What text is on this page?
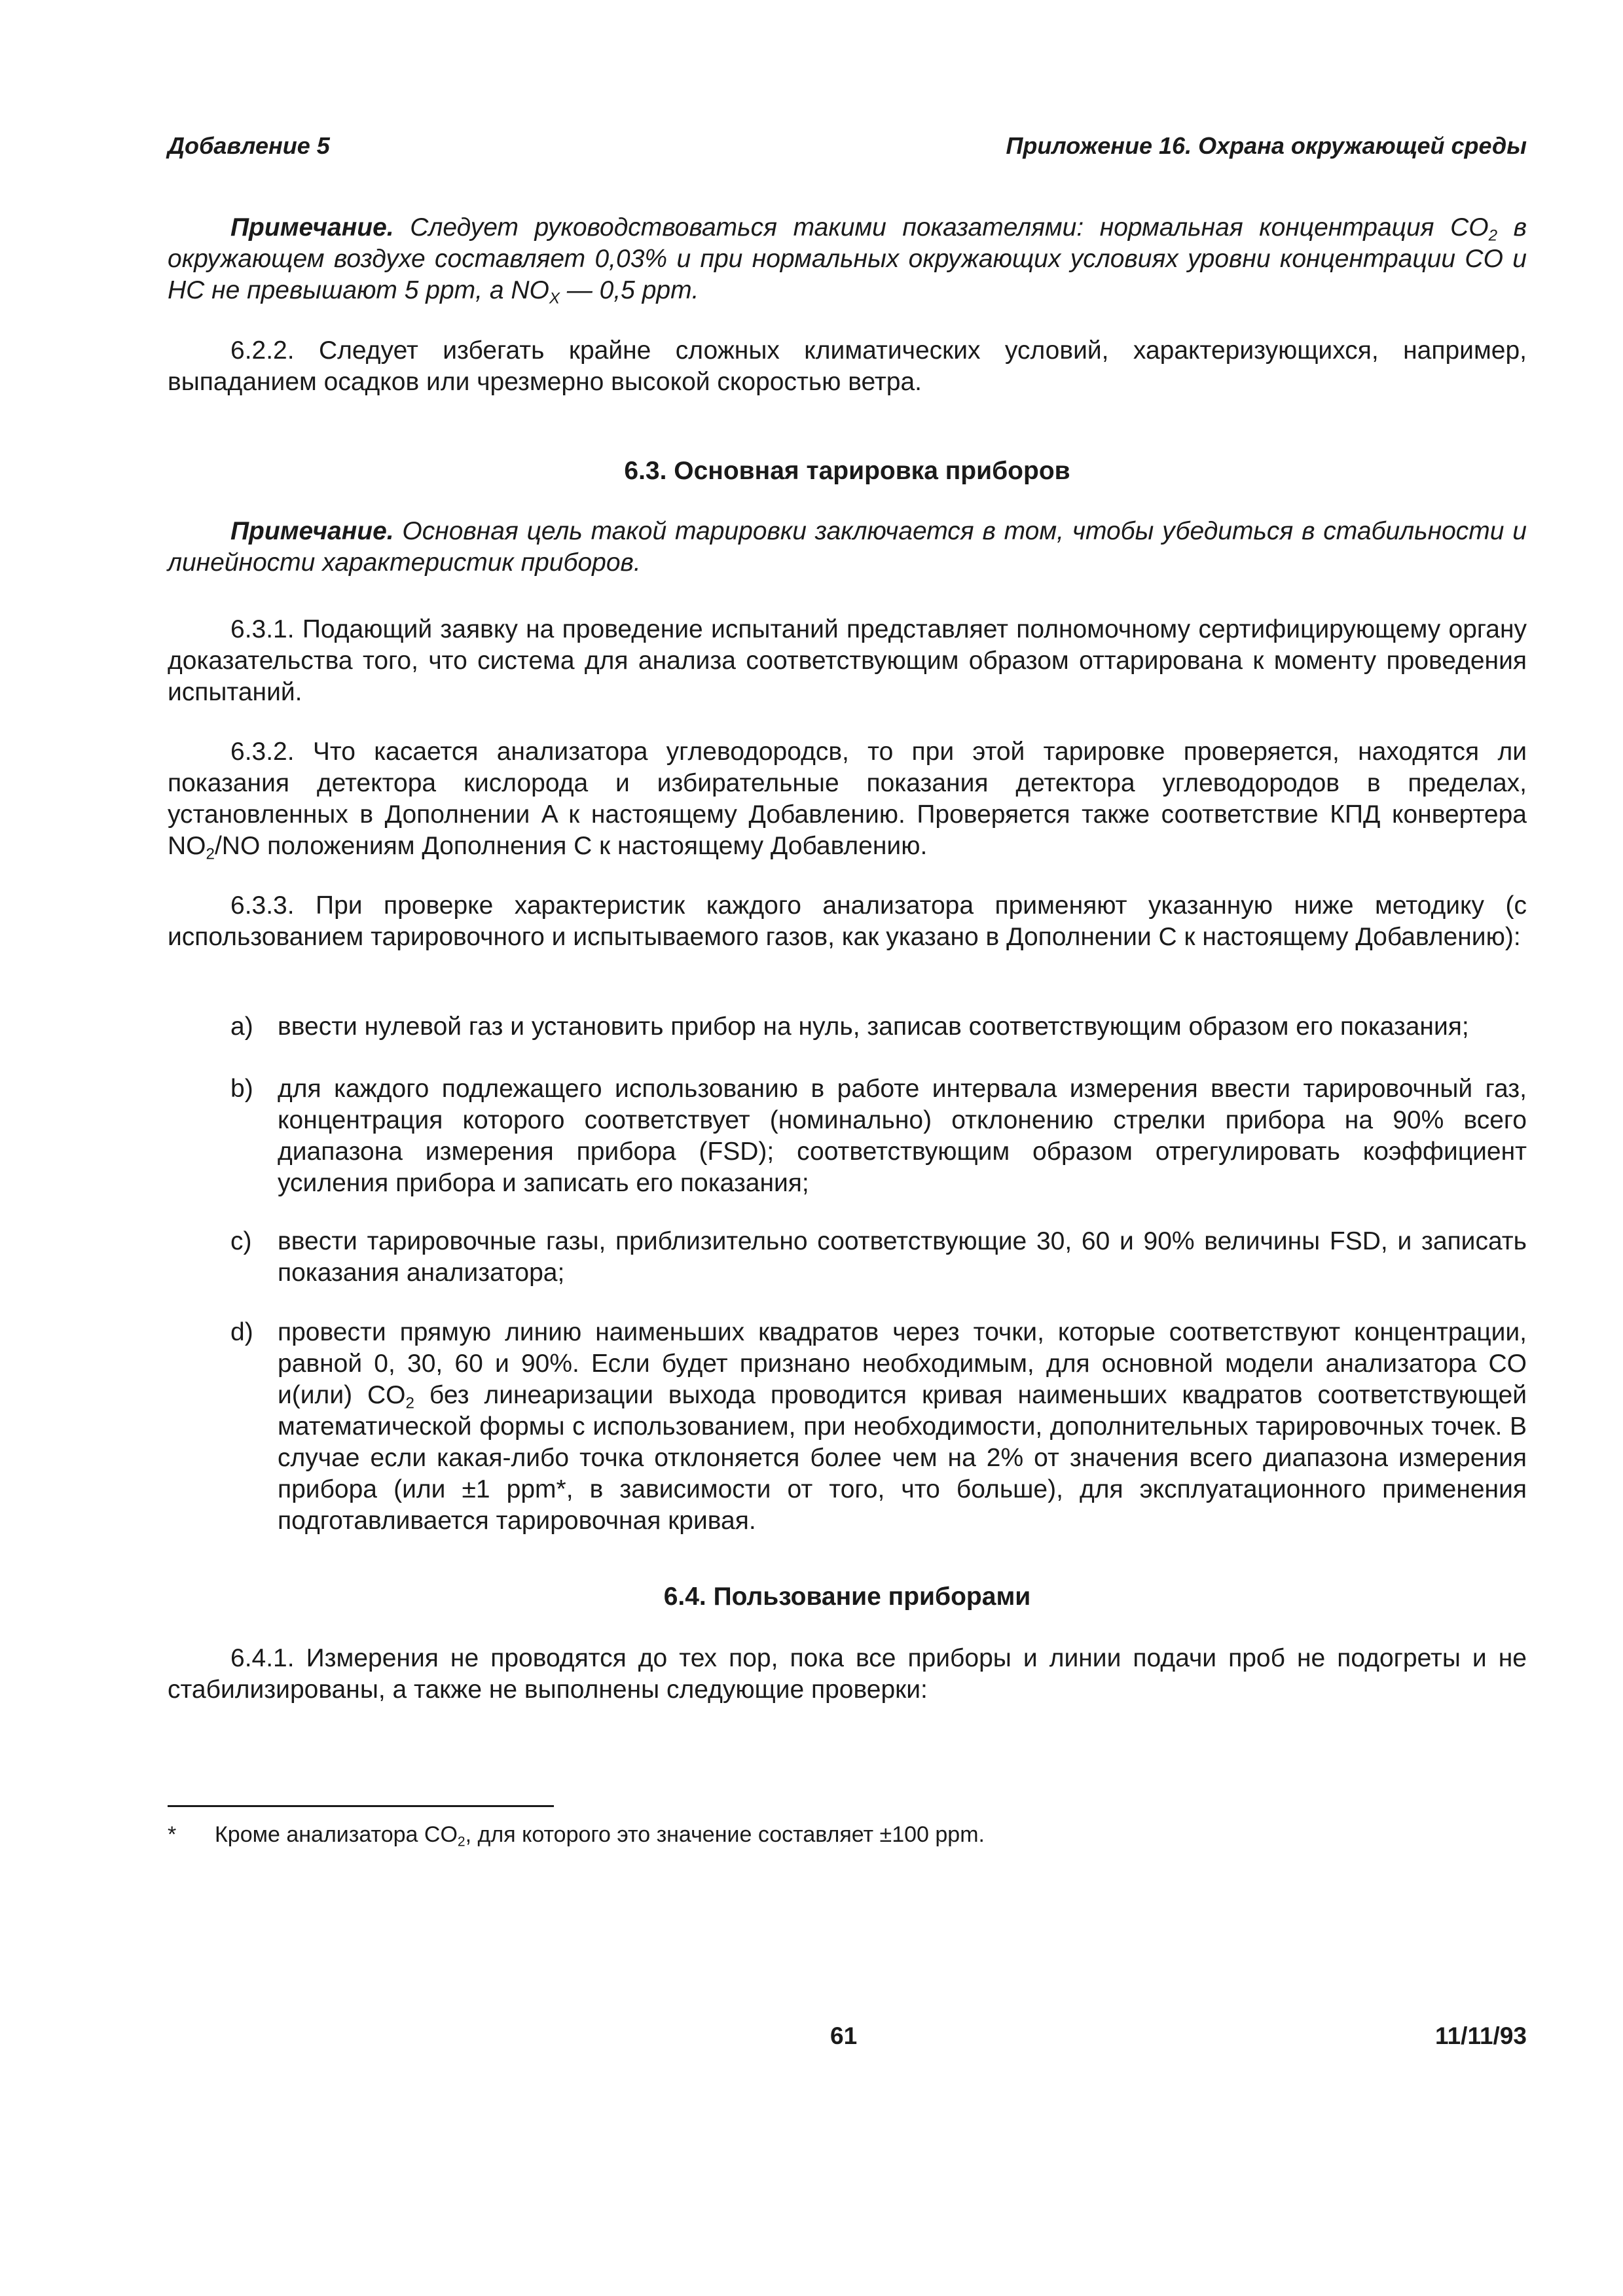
Добавление 5	Приложение 16. Охрана окружающей среды
Примечание. Следует руководствоваться такими показателями: нормальная концентрация $CO_2$ в окружающем воздухе составляет 0,03% и при нормальных окружающих условиях уровни концентрации CO и HC не превышают 5 ppm, а $NO_X$ — 0,5 ppm.
6.2.2. Следует избегать крайне сложных климатических условий, характеризующихся, например, выпаданием осадков или чрезмерно высокой скоростью ветра.
6.3. Основная тарировка приборов
Примечание. Основная цель такой тарировки заключается в том, чтобы убедиться в стабильности и линейности характеристик приборов.
6.3.1. Подающий заявку на проведение испытаний представляет полномочному сертифицирующему органу доказательства того, что система для анализа соответствующим образом оттарирована к моменту проведения испытаний.
6.3.2. Что касается анализатора углеводородсв, то при этой тарировке проверяется, находятся ли показания детектора кислорода и избирательные показания детектора углеводородов в пределах, установленных в Дополнении A к настоящему Добавлению. Проверяется также соответствие КПД конвертера $NO_2/NO$ положениям Дополнения C к настоящему Добавлению.
6.3.3. При проверке характеристик каждого анализатора применяют указанную ниже методику (с использованием тарировочного и испытываемого газов, как указано в Дополнении C к настоящему Добавлению):
a) ввести нулевой газ и установить прибор на нуль, записав соответствующим образом его показания;
b) для каждого подлежащего использованию в работе интервала измерения ввести тарировочный газ, концентрация которого соответствует (номинально) отклонению стрелки прибора на 90% всего диапазона измерения прибора (FSD); соответствующим образом отрегулировать коэффициент усиления прибора и записать его показания;
c) ввести тарировочные газы, приблизительно соответствующие 30, 60 и 90% величины FSD, и записать показания анализатора;
d) провести прямую линию наименьших квадратов через точки, которые соответствуют концентрации, равной 0, 30, 60 и 90%. Если будет признано необходимым, для основной модели анализатора CO и(или) $CO_2$ без линеаризации выхода проводится кривая наименьших квадратов соответствующей математической формы с использованием, при необходимости, дополнительных тарировочных точек. В случае если какая-либо точка отклоняется более чем на 2% от значения всего диапазона измерения прибора (или ±1 ppm*, в зависимости от того, что больше), для эксплуатационного применения подготавливается тарировочная кривая.
6.4. Пользование приборами
6.4.1. Измерения не проводятся до тех пор, пока все приборы и линии подачи проб не подогреты и не стабилизированы, а также не выполнены следующие проверки:
* Кроме анализатора $CO_2$, для которого это значение составляет ±100 ppm.
61	11/11/93
